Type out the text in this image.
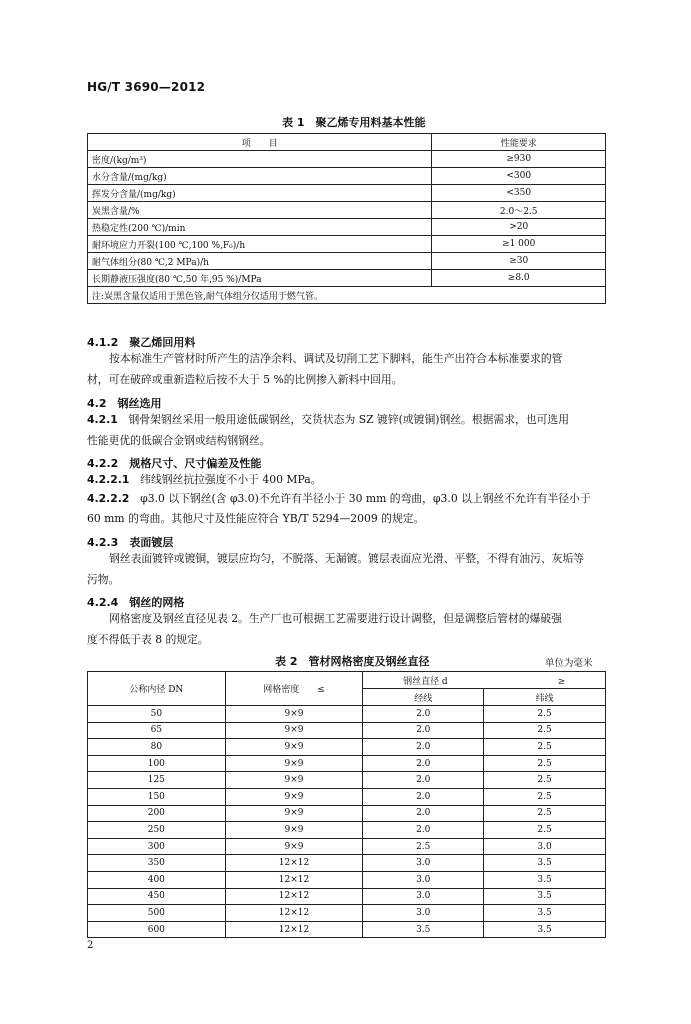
HG/T 3690—2012
表 1　聚乙烯专用料基本性能
项　　目	性能要求
密度/(kg/m³)	≥930
水分含量/(mg/kg)	<300
挥发分含量/(mg/kg)	<350
炭黑含量/%	2.0～2.5
热稳定性(200 ℃)/min	>20
耐环境应力开裂(100 ℃,100 %,F₀)/h	≥1 000
耐气体组分(80 ℃,2 MPa)/h	≥30
长期静液压强度(80 ℃,50 年,95 %)/MPa	≥8.0
注:炭黑含量仅适用于黑色管,耐气体组分仅适用于燃气管。	
4.1.2　 聚乙烯回用料
按本标准生产管材时所产生的洁净余料、调试及切削工艺下脚料，能生产出符合本标准要求的管
材，可在破碎或重新造粒后按不大于 5 %的比例掺入新料中回用。
4.2　 钢丝选用
4.2.1　 钢骨架钢丝采用一般用途低碳钢丝，交货状态为 SZ 镀锌(或镀铜)钢丝。根据需求，也可选用
性能更优的低碳合金钢或结构钢钢丝。
4.2.2　 规格尺寸、尺寸偏差及性能
4.2.2.1　 纬线钢丝抗拉强度不小于 400 MPa。
4.2.2.2　 φ3.0 以下钢丝(含 φ3.0)不允许有半径小于 30 mm 的弯曲，φ3.0 以上钢丝不允许有半径小于
60 mm 的弯曲。其他尺寸及性能应符合 YB/T 5294—2009 的规定。
4.2.3　 表面镀层
钢丝表面镀锌或镀铜，镀层应均匀，不脱落、无漏镀。镀层表面应光滑、平整，不得有油污、灰垢等
污物。
4.2.4　 钢丝的网格
网格密度及钢丝直径见表 2。生产厂也可根据工艺需要进行设计调整，但是调整后管材的爆破强
度不得低于表 8 的规定。
表 2　管材网格密度及钢丝直径	单位为毫米
公称内径 DN	网格密度　　 ≤	钢丝直径 d ≥	
		经线	纬线
50	9×9	2.0	2.5
65	9×9	2.0	2.5
80	9×9	2.0	2.5
100	9×9	2.0	2.5
125	9×9	2.0	2.5
150	9×9	2.0	2.5
200	9×9	2.0	2.5
250	9×9	2.0	2.5
300	9×9	2.5	3.0
350	12×12	3.0	3.5
400	12×12	3.0	3.5
450	12×12	3.0	3.5
500	12×12	3.0	3.5
600	12×12	3.5	3.5
2
